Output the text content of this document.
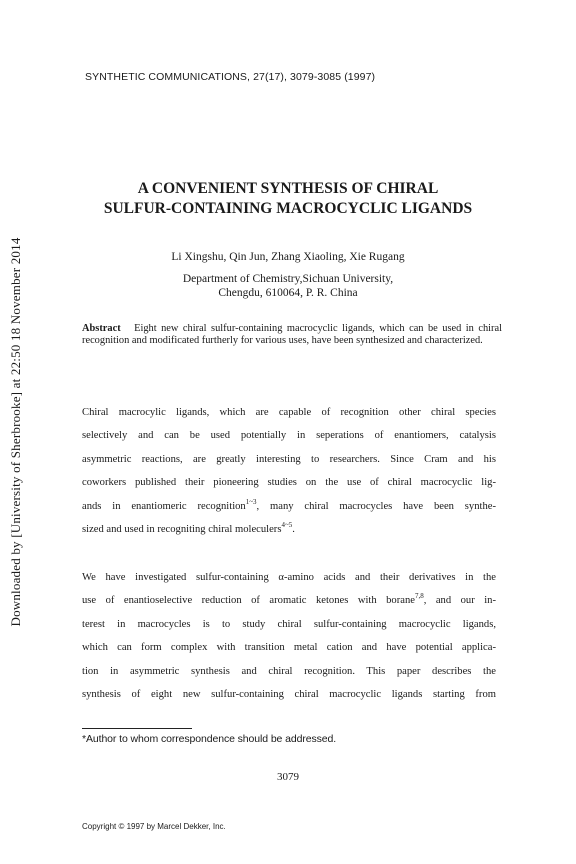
Downloaded by [University of Sherbrooke] at 22:50 18 November 2014
SYNTHETIC COMMUNICATIONS, 27(17), 3079-3085 (1997)
A CONVENIENT SYNTHESIS OF CHIRAL
SULFUR-CONTAINING MACROCYCLIC LIGANDS
Li Xingshu, Qin Jun, Zhang Xiaoling, Xie Rugang
Department of Chemistry,Sichuan University,
Chengdu, 610064, P. R. China
Abstract Eight new chiral sulfur-containing macrocyclic ligands, which can be used in chiral recognition and modificated furtherly for various uses, have been synthesized and characterized.
Chiral macrocylic ligands, which are capable of recognition other chiral species
selectively and can be used potentially in seperations of enantiomers, catalysis
asymmetric reactions, are greatly interesting to researchers. Since Cram and his
coworkers published their pioneering studies on the use of chiral macrocyclic lig-
ands in enantiomeric recognition$^{1\sim 3}$, many chiral macrocycles have been synthe-
sized and used in recogniting chiral moleculers$^{4\sim 5}$.
We have investigated sulfur-containing α-amino acids and their derivatives in the
use of enantioselective reduction of aromatic ketones with borane$^{7,8}$, and our in-
terest in macrocycles is to study chiral sulfur-containing macrocyclic ligands,
which can form complex with transition metal cation and have potential applica-
tion in asymmetric synthesis and chiral recognition. This paper describes the
synthesis of eight new sulfur-containing chiral macrocyclic ligands starting from
*Author to whom correspondence should be addressed.
3079
Copyright © 1997 by Marcel Dekker, Inc.
